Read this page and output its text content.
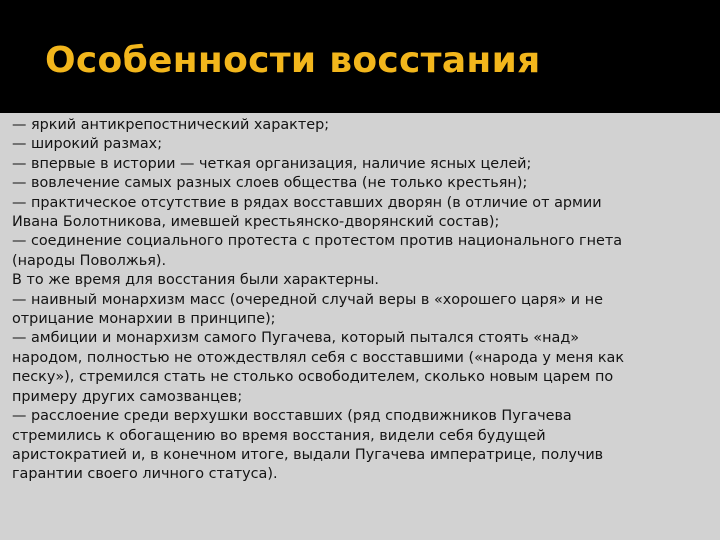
Особенности восстания
— яркий антикрепостнический характер;
— широкий размах;
— впервые в истории — четкая организация, наличие ясных целей;
— вовлечение самых разных слоев общества (не только крестьян);
— практическое отсутствие в рядах восставших дворян (в отличие от армии
Ивана Болотникова, имевшей крестьянско-дворянский состав);
— соединение социального протеста с протестом против национального гнета
(народы Поволжья).
В то же время для восстания были характерны.
— наивный монархизм масс (очередной случай веры в «хорошего царя» и не
отрицание монархии в принципе);
— амбиции и монархизм самого Пугачева, который пытался стоять «над»
народом, полностью не отождествлял себя с восставшими («народа у меня как
песку»), стремился стать не столько освободителем, сколько новым царем по
примеру других самозванцев;
— расслоение среди верхушки восставших (ряд сподвижников Пугачева
стремились к обогащению во время восстания, видели себя будущей
аристократией и, в конечном итоге, выдали Пугачева императрице, получив
гарантии своего личного статуса).
